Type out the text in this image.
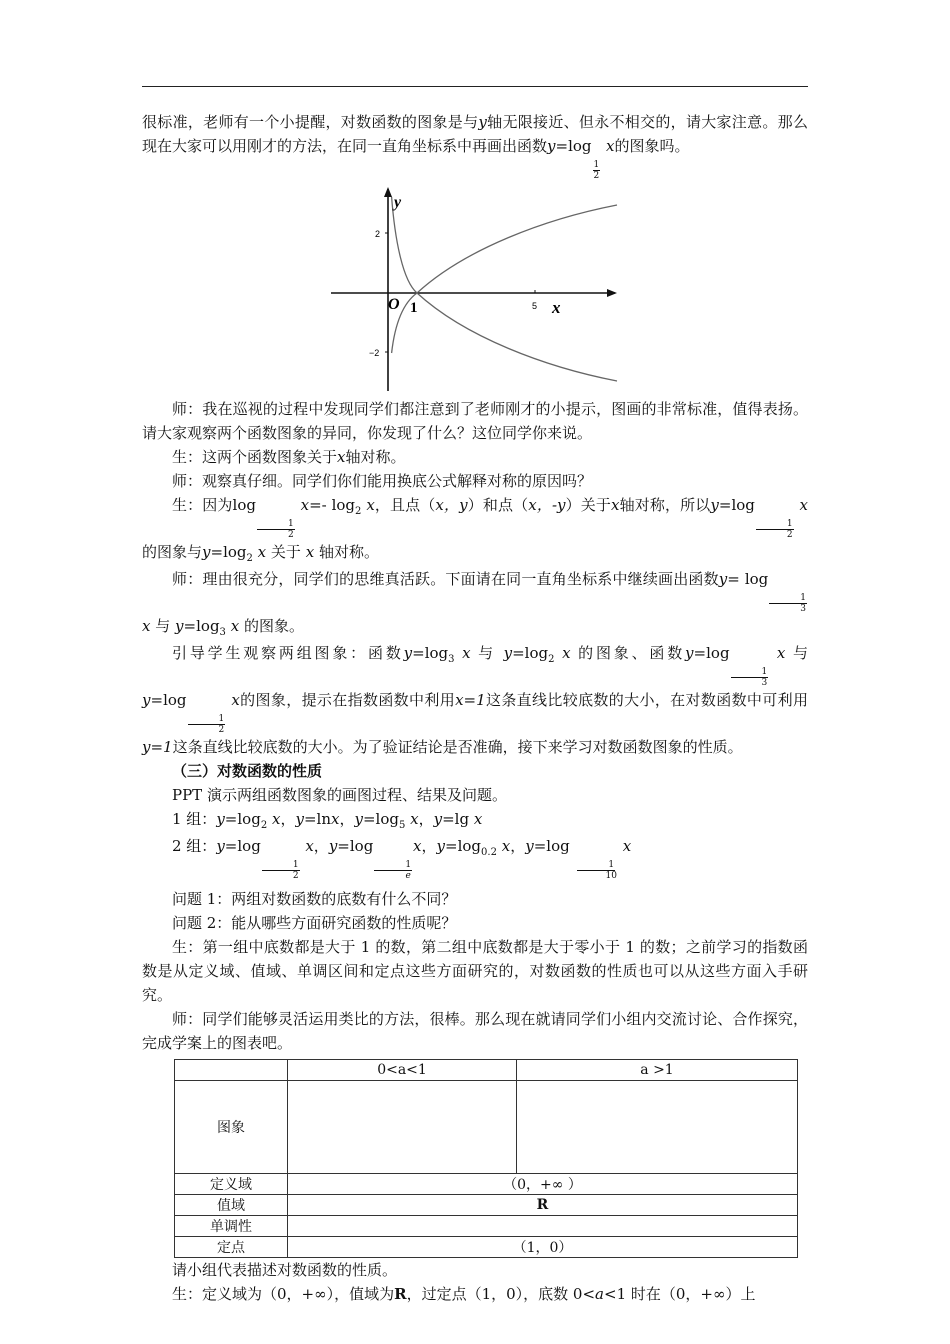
很标准，老师有一个小提醒，对数函数的图象是与y轴无限接近、但永不相交的，请大家注意。那么现在大家可以用刚才的方法，在同一直角坐标系中再画出函数y=log
$\frac{1}{2}$
x的图象吗。

y
x
O 1
2
−2
5

师：我在巡视的过程中发现同学们都注意到了老师刚才的小提示，图画的非常标准，值得表扬。请大家观察两个函数图象的异同，你发现了什么？这位同学你来说。

生：这两个函数图象关于x轴对称。

师：观察真仔细。同学们你们能用换底公式解释对称的原因吗？

生：因为log
$\frac{1}{2}$
x=- $\log_2 x$，且点（x，y）和点（x，-y）关于x轴对称，所以y=log
$\frac{1}{2}$
x的图象与$y=\log_2$ x 关于 x 轴对称。

师：理由很充分，同学们的思维真活跃。下面请在同一直角坐标系中继续画出函数y= log
$\frac{1}{3}$
x 与 $y=\log_3$ x 的图象。

引导学生观察两组图象：函数$y=\log_3$ x 与 $y=\log_2$ x 的图象、函数y=log
$\frac{1}{3}$
x 与 y=log
$\frac{1}{2}$
x的图象，提示在指数函数中利用x=1这条直线比较底数的大小，在对数函数中可利用y=1这条直线比较底数的大小。为了验证结论是否准确，接下来学习对数函数图象的性质。

（三）对数函数的性质

PPT 演示两组函数图象的画图过程、结果及问题。

1 组：$y=\log_2$ x，y=lnx，$y=\log_5$ x，y=lg x

2 组：y=log
$\frac{1}{2}$
x，y=log
$\frac{1}{e}$
x，$y=\log_{0.2}$ x，y=log
$\frac{1}{10}$
x

问题 1：两组对数函数的底数有什么不同？

问题 2：能从哪些方面研究函数的性质呢？

生：第一组中底数都是大于 1 的数，第二组中底数都是大于零小于 1 的数；之前学习的指数函数是从定义域、值域、单调区间和定点这些方面研究的，对数函数的性质也可以从这些方面入手研究。

师：同学们能够灵活运用类比的方法，很棒。那么现在就请同学们小组内交流讨论、合作探究，完成学案上的图表吧。

	0<a<1	a >1
图象		
定义域	（0，+∞ ）	
值域	R	
单调性		
定点	（1，0）	

请小组代表描述对数函数的性质。

生：定义域为（0，+∞），值域为R，过定点（1，0），底数 0<a<1 时在（0，+∞）上
